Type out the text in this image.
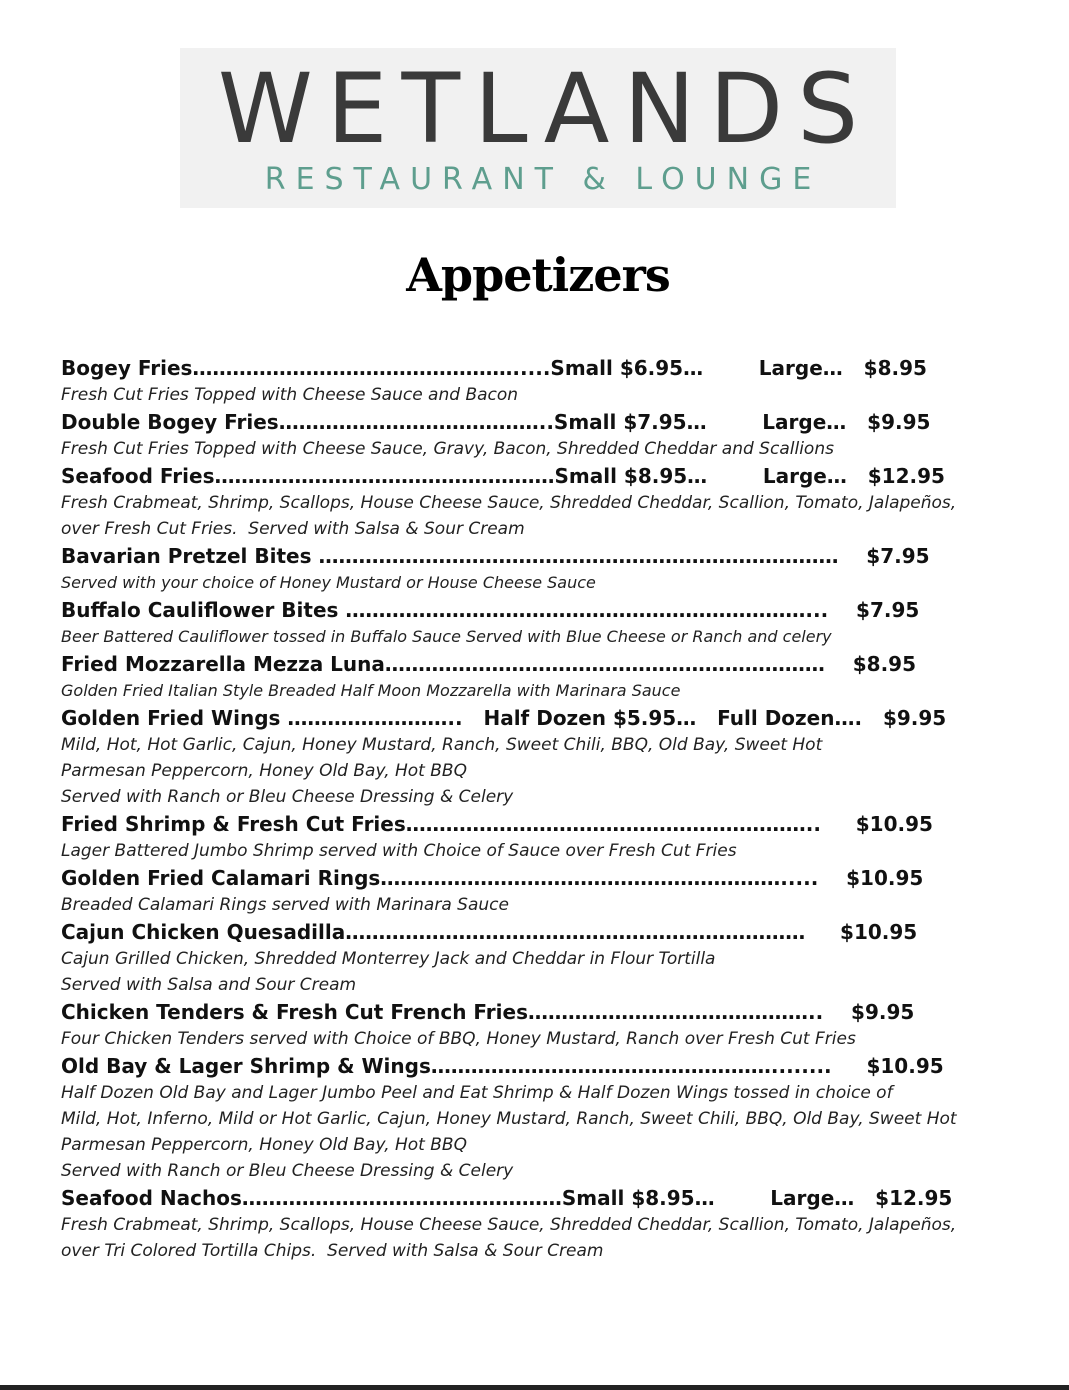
WETLANDS
RESTAURANT & LOUNGE
Appetizers
Bogey Fries………………………………………….....Small $6.95…        Large…   $8.95
Fresh Cut Fries Topped with Cheese Sauce and Bacon
Double Bogey Fries…………………………………..Small $7.95…        Large…   $9.95
Fresh Cut Fries Topped with Cheese Sauce, Gravy, Bacon, Shredded Cheddar and Scallions
Seafood Fries……………………………………………Small $8.95…        Large…   $12.95
Fresh Crabmeat, Shrimp, Scallops, House Cheese Sauce, Shredded Cheddar, Scallion, Tomato, Jalapeños,
over Fresh Cut Fries.  Served with Salsa & Sour Cream
Bavarian Pretzel Bites ……………………………………………………………………    $7.95
Served with your choice of Honey Mustard or House Cheese Sauce
Buffalo Cauliflower Bites ……………………………………………………………...    $7.95
Beer Battered Cauliflower tossed in Buffalo Sauce Served with Blue Cheese or Ranch and celery
Fried Mozzarella Mezza Luna…………………………………………………………    $8.95
Golden Fried Italian Style Breaded Half Moon Mozzarella with Marinara Sauce
Golden Fried Wings ……………………..   Half Dozen $5.95…   Full Dozen….   $9.95
Mild, Hot, Hot Garlic, Cajun, Honey Mustard, Ranch, Sweet Chili, BBQ, Old Bay, Sweet Hot
Parmesan Peppercorn, Honey Old Bay, Hot BBQ
Served with Ranch or Bleu Cheese Dressing & Celery
Fried Shrimp & Fresh Cut Fries……………………………………………………..     $10.95
Lager Battered Jumbo Shrimp served with Choice of Sauce over Fresh Cut Fries
Golden Fried Calamari Rings…………………………………………………….....    $10.95
Breaded Calamari Rings served with Marinara Sauce
Cajun Chicken Quesadilla……………………………………………………………     $10.95
Cajun Grilled Chicken, Shredded Monterrey Jack and Cheddar in Flour Tortilla
Served with Salsa and Sour Cream
Chicken Tenders & Fresh Cut French Fries……………………………………..    $9.95
Four Chicken Tenders served with Choice of BBQ, Honey Mustard, Ranch over Fresh Cut Fries
Old Bay & Lager Shrimp & Wings……………………………………………........     $10.95
Half Dozen Old Bay and Lager Jumbo Peel and Eat Shrimp & Half Dozen Wings tossed in choice of
Mild, Hot, Inferno, Mild or Hot Garlic, Cajun, Honey Mustard, Ranch, Sweet Chili, BBQ, Old Bay, Sweet Hot
Parmesan Peppercorn, Honey Old Bay, Hot BBQ
Served with Ranch or Bleu Cheese Dressing & Celery
Seafood Nachos…………………………………………Small $8.95…        Large…   $12.95
Fresh Crabmeat, Shrimp, Scallops, House Cheese Sauce, Shredded Cheddar, Scallion, Tomato, Jalapeños,
over Tri Colored Tortilla Chips.  Served with Salsa & Sour Cream
